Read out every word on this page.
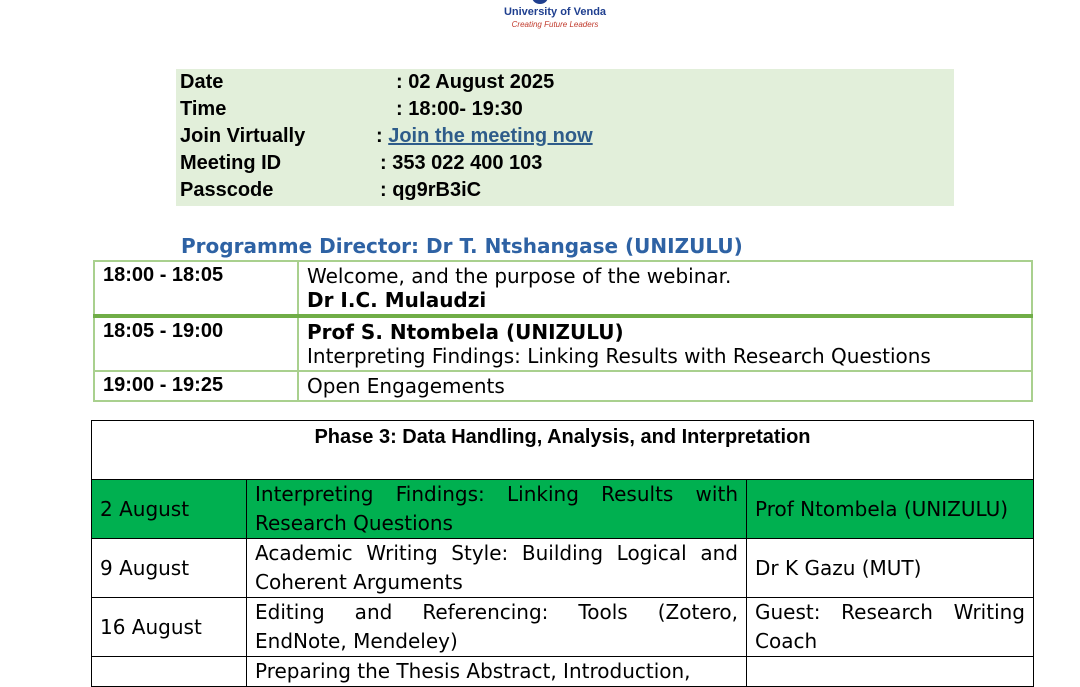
University of Venda
Creating Future Leaders
Date	: 02 August 2025
Time	: 18:00- 19:30
Join Virtually	: Join the meeting now
Meeting ID	: 353 022 400 103
Passcode	: qg9rB3iC
Programme Director: Dr T. Ntshangase (UNIZULU)
18:00 - 18:05	Welcome, and the purpose of the webinar.
Dr I.C. Mulaudzi

18:05 - 19:00	Prof S. Ntombela (UNIZULU)
Interpreting Findings: Linking Results with Research Questions

19:00 - 19:25	Open Engagements
Phase 3: Data Handling, Analysis, and Interpretation		
2 August	Interpreting Findings: Linking Results with Research Questions	Prof Ntombela (UNIZULU)
9 August	Academic Writing Style: Building Logical and Coherent Arguments	Dr K Gazu (MUT)
16 August	Editing and Referencing: Tools (Zotero, EndNote, Mendeley)	Guest: Research Writing Coach
	Preparing the Thesis Abstract, Introduction,	
